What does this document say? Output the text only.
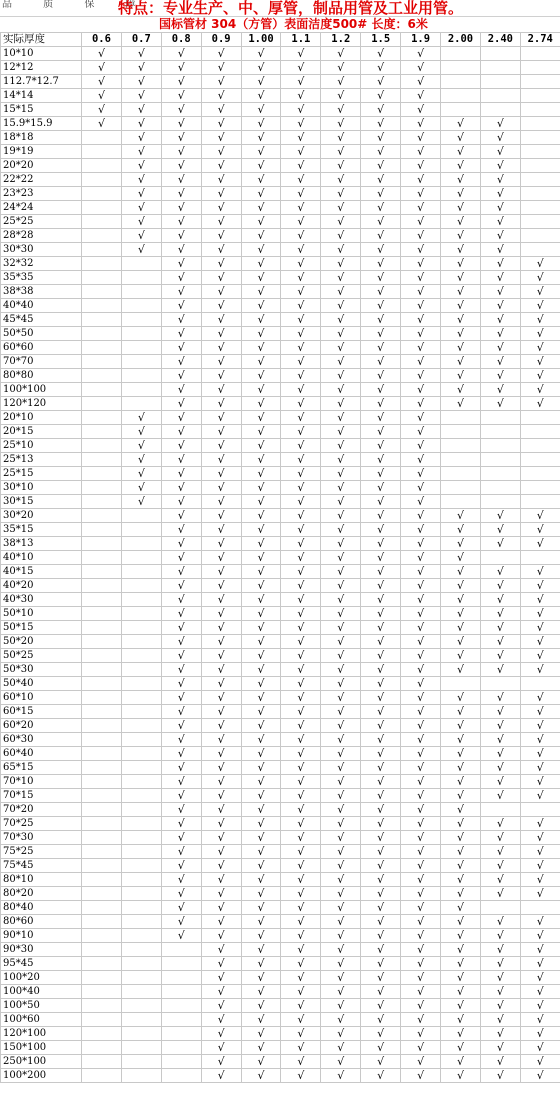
品 质 保 障
特点：专业生产、中、厚管，制品用管及工业用管。
国标管材 304（方管）表面洁度500# 长度：6米
实际厚度	0.6	0.7	0.8	0.9	1.00	1.1	1.2	1.5	1.9	2.00	2.40	2.74
10*10	√	√	√	√	√	√	√	√	√			
12*12	√	√	√	√	√	√	√	√	√			
112.7*12.7	√	√	√	√	√	√	√	√	√			
14*14	√	√	√	√	√	√	√	√	√			
15*15	√	√	√	√	√	√	√	√	√			
15.9*15.9	√	√	√	√	√	√	√	√	√	√	√	
18*18		√	√	√	√	√	√	√	√	√	√	
19*19		√	√	√	√	√	√	√	√	√	√	
20*20		√	√	√	√	√	√	√	√	√	√	
22*22		√	√	√	√	√	√	√	√	√	√	
23*23		√	√	√	√	√	√	√	√	√	√	
24*24		√	√	√	√	√	√	√	√	√	√	
25*25		√	√	√	√	√	√	√	√	√	√	
28*28		√	√	√	√	√	√	√	√	√	√	
30*30		√	√	√	√	√	√	√	√	√	√	
32*32			√	√	√	√	√	√	√	√	√	√
35*35			√	√	√	√	√	√	√	√	√	√
38*38			√	√	√	√	√	√	√	√	√	√
40*40			√	√	√	√	√	√	√	√	√	√
45*45			√	√	√	√	√	√	√	√	√	√
50*50			√	√	√	√	√	√	√	√	√	√
60*60			√	√	√	√	√	√	√	√	√	√
70*70			√	√	√	√	√	√	√	√	√	√
80*80			√	√	√	√	√	√	√	√	√	√
100*100			√	√	√	√	√	√	√	√	√	√
120*120			√	√	√	√	√	√	√	√	√	√
20*10		√	√	√	√	√	√	√	√			
20*15		√	√	√	√	√	√	√	√			
25*10		√	√	√	√	√	√	√	√			
25*13		√	√	√	√	√	√	√	√			
25*15		√	√	√	√	√	√	√	√			
30*10		√	√	√	√	√	√	√	√			
30*15		√	√	√	√	√	√	√	√			
30*20			√	√	√	√	√	√	√	√	√	√
35*15			√	√	√	√	√	√	√	√	√	√
38*13			√	√	√	√	√	√	√	√	√	√
40*10			√	√	√	√	√	√	√	√		
40*15			√	√	√	√	√	√	√	√	√	√
40*20			√	√	√	√	√	√	√	√	√	√
40*30			√	√	√	√	√	√	√	√	√	√
50*10			√	√	√	√	√	√	√	√	√	√
50*15			√	√	√	√	√	√	√	√	√	√
50*20			√	√	√	√	√	√	√	√	√	√
50*25			√	√	√	√	√	√	√	√	√	√
50*30			√	√	√	√	√	√	√	√	√	√
50*40			√	√	√	√	√	√	√			
60*10			√	√	√	√	√	√	√	√	√	√
60*15			√	√	√	√	√	√	√	√	√	√
60*20			√	√	√	√	√	√	√	√	√	√
60*30			√	√	√	√	√	√	√	√	√	√
60*40			√	√	√	√	√	√	√	√	√	√
65*15			√	√	√	√	√	√	√	√	√	√
70*10			√	√	√	√	√	√	√	√	√	√
70*15			√	√	√	√	√	√	√	√	√	√
70*20			√	√	√	√	√	√	√	√		
70*25			√	√	√	√	√	√	√	√	√	√
70*30			√	√	√	√	√	√	√	√	√	√
75*25			√	√	√	√	√	√	√	√	√	√
75*45			√	√	√	√	√	√	√	√	√	√
80*10			√	√	√	√	√	√	√	√	√	√
80*20			√	√	√	√	√	√	√	√	√	√
80*40			√	√	√	√	√	√	√	√		
80*60			√	√	√	√	√	√	√	√	√	√
90*10			√	√	√	√	√	√	√	√	√	√
90*30				√	√	√	√	√	√	√	√	√
95*45				√	√	√	√	√	√	√	√	√
100*20				√	√	√	√	√	√	√	√	√
100*40				√	√	√	√	√	√	√	√	√
100*50				√	√	√	√	√	√	√	√	√
100*60				√	√	√	√	√	√	√	√	√
120*100				√	√	√	√	√	√	√	√	√
150*100				√	√	√	√	√	√	√	√	√
250*100				√	√	√	√	√	√	√	√	√
100*200				√	√	√	√	√	√	√	√	√
